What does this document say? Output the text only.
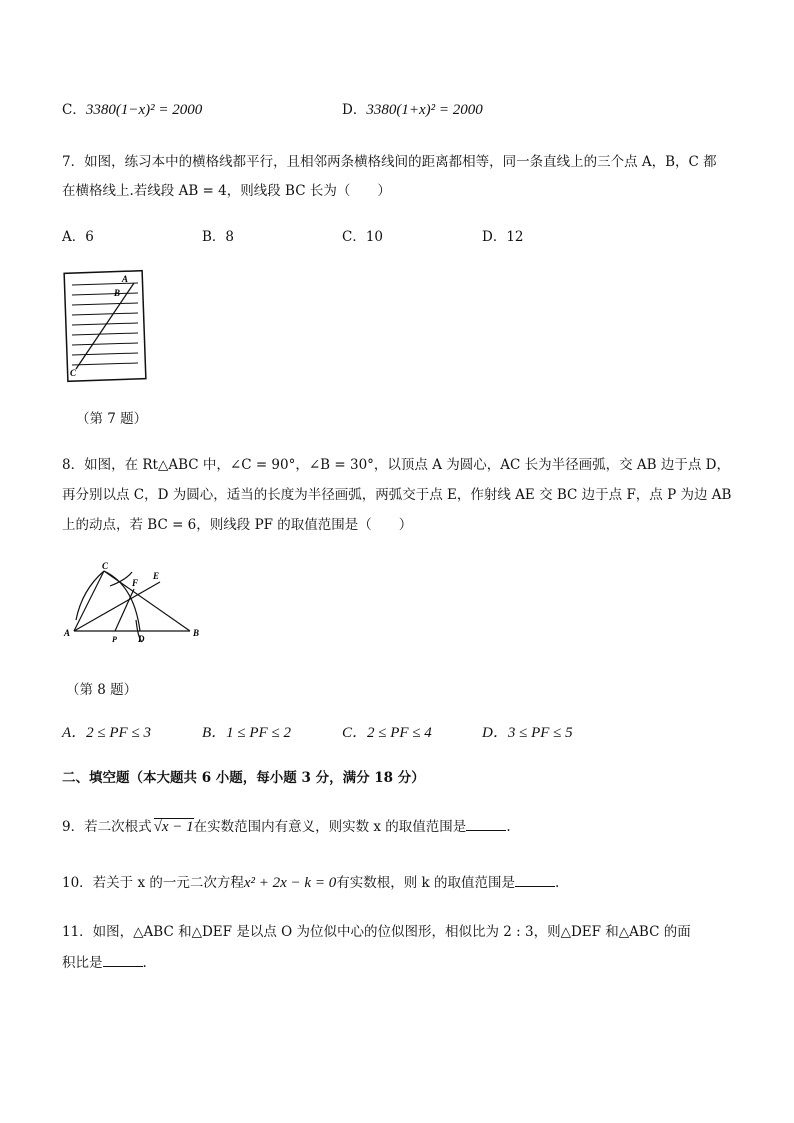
C．3380(1−x)² = 2000	D．3380(1+x)² = 2000
7．如图，练习本中的横格线都平行，且相邻两条横格线间的距离都相等，同一条直线上的三个点 A，B，C 都
在横格线上.若线段 AB = 4，则线段 BC 长为（　　）
A．6	B．8	C．10	D．12
A
B
C
（第 7 题）
8．如图，在 Rt△ABC 中，∠C = 90°，∠B = 30°，以顶点 A 为圆心，AC 长为半径画弧，交 AB 边于点 D，
再分别以点 C，D 为圆心，适当的长度为半径画弧，两弧交于点 E，作射线 AE 交 BC 边于点 F，点 P 为边 AB
上的动点，若 BC = 6，则线段 PF 的取值范围是（　　）
C
F
E
A
P D
B
（第 8 题）
A．2 ≤ PF ≤ 3	B．1 ≤ PF ≤ 2	C．2 ≤ PF ≤ 4	D．3 ≤ PF ≤ 5
二、填空题（本大题共 6 小题，每小题 3 分，满分 18 分）
9．若二次根式 √x − 1在实数范围内有意义，则实数 x 的取值范围是	.
10．若关于 x 的一元二次方程x² + 2x − k = 0有实数根，则 k 的取值范围是	.
11．如图，△ABC 和△DEF 是以点 O 为位似中心的位似图形，相似比为 2 : 3，则△DEF 和△ABC 的面
积比是	.
